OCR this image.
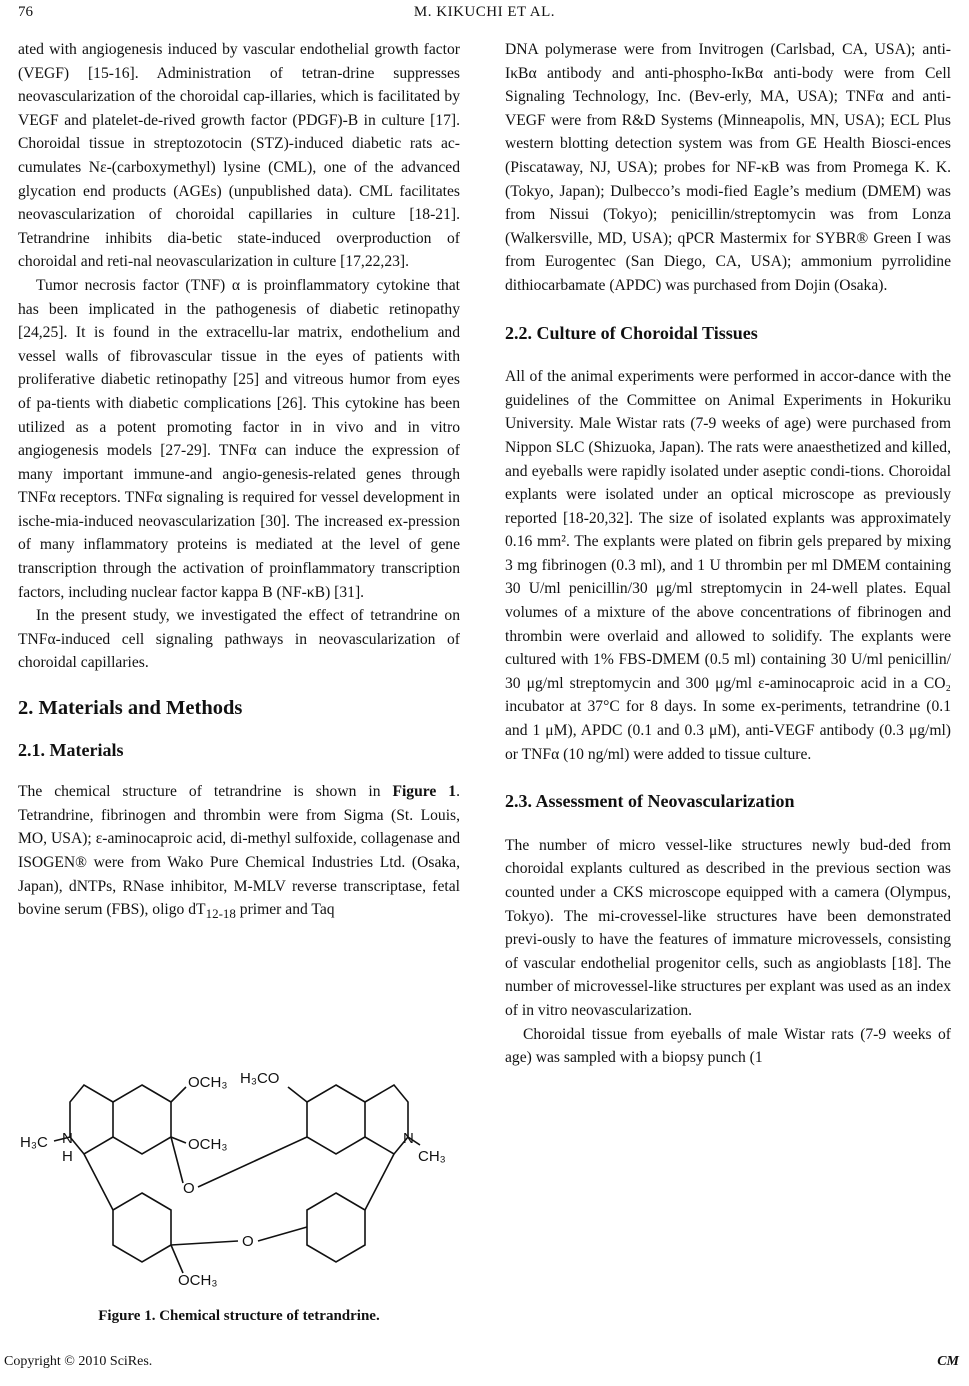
76	M. KIKUCHI ET AL.

ated with angiogenesis induced by vascular endothelial growth factor (VEGF) [15-16]. Administration of tetran-drine suppresses neovascularization of the choroidal cap-illaries, which is facilitated by VEGF and platelet-de-rived growth factor (PDGF)-B in culture [17]. Choroidal tissue in streptozotocin (STZ)-induced diabetic rats ac-cumulates Nε-(carboxymethyl) lysine (CML), one of the advanced glycation end products (AGEs) (unpublished data). CML facilitates neovascularization of choroidal capillaries in culture [18-21]. Tetrandrine inhibits dia-betic state-induced overproduction of choroidal and reti-nal neovascularization in culture [17,22,23].

Tumor necrosis factor (TNF) α is proinflammatory cytokine that has been implicated in the pathogenesis of diabetic retinopathy [24,25]. It is found in the extracellu-lar matrix, endothelium and vessel walls of fibrovascular tissue in the eyes of patients with proliferative diabetic retinopathy [25] and vitreous humor from eyes of pa-tients with diabetic complications [26]. This cytokine has been utilized as a potent promoting factor in in vivo and in vitro angiogenesis models [27-29]. TNFα can induce the expression of many important immune-and angio-genesis-related genes through TNFα receptors. TNFα signaling is required for vessel development in ische-mia-induced neovascularization [30]. The increased ex-pression of many inflammatory proteins is mediated at the level of gene transcription through the activation of proinflammatory transcription factors, including nuclear factor kappa B (NF-κB) [31].

In the present study, we investigated the effect of tetrandrine on TNFα-induced cell signaling pathways in neovascularization of choroidal capillaries.

2. Materials and Methods
2.1. Materials

The chemical structure of tetrandrine is shown in Figure 1. Tetrandrine, fibrinogen and thrombin were from Sigma (St. Louis, MO, USA); ε-aminocaproic acid, di-methyl sulfoxide, collagenase and ISOGEN® were from Wako Pure Chemical Industries Ltd. (Osaka, Japan), dNTPs, RNase inhibitor, M-MLV reverse transcriptase, fetal bovine serum (FBS), oligo $dT_{12-18}$ primer and Taq

OCH₃ H₃CO
OCH₃
H₃C N
H
N
CH₃
O
O
OCH₃
Figure 1. Chemical structure of tetrandrine.

DNA polymerase were from Invitrogen (Carlsbad, CA, USA); anti-IκBα antibody and anti-phospho-IκBα anti-body were from Cell Signaling Technology, Inc. (Bev-erly, MA, USA); TNFα and anti-VEGF were from R&D Systems (Minneapolis, MN, USA); ECL Plus western blotting detection system was from GE Health Biosci-ences (Piscataway, NJ, USA); probes for NF-κB was from Promega K. K. (Tokyo, Japan); Dulbecco’s modi-fied Eagle’s medium (DMEM) was from Nissui (Tokyo); penicillin/streptomycin was from Lonza (Walkersville, MD, USA); qPCR Mastermix for SYBR® Green I was from Eurogentec (San Diego, CA, USA); ammonium pyrrolidine dithiocarbamate (APDC) was purchased from Dojin (Osaka).

2.2. Culture of Choroidal Tissues

All of the animal experiments were performed in accor-dance with the guidelines of the Committee on Animal Experiments in Hokuriku University. Male Wistar rats (7-9 weeks of age) were purchased from Nippon SLC (Shizuoka, Japan). The rats were anaesthetized and killed, and eyeballs were rapidly isolated under aseptic condi-tions. Choroidal explants were isolated under an optical microscope as previously reported [18-20,32]. The size of isolated explants was approximately 0.16 mm². The explants were plated on fibrin gels prepared by mixing 3 mg fibrinogen (0.3 ml), and 1 U thrombin per ml DMEM containing 30 U/ml penicillin/30 μg/ml streptomycin in 24-well plates. Equal volumes of a mixture of the above concentrations of fibrinogen and thrombin were overlaid and allowed to solidify. The explants were cultured with 1% FBS-DMEM (0.5 ml) containing 30 U/ml penicillin/ 30 μg/ml streptomycin and 300 μg/ml ε-aminocaproic acid in a CO₂ incubator at 37°C for 8 days. In some ex-periments, tetrandrine (0.1 and 1 μM), APDC (0.1 and 0.3 μM), anti-VEGF antibody (0.3 μg/ml) or TNFα (10 ng/ml) were added to tissue culture.

2.3. Assessment of Neovascularization

The number of micro vessel-like structures newly bud-ded from choroidal explants cultured as described in the previous section was counted under a CKS microscope equipped with a camera (Olympus, Tokyo). The mi-crovessel-like structures have been demonstrated previ-ously to have the features of immature microvessels, consisting of vascular endothelial progenitor cells, such as angioblasts [18]. The number of microvessel-like structures per explant was used as an index of in vitro neovascularization.

Choroidal tissue from eyeballs of male Wistar rats (7-9 weeks of age) was sampled with a biopsy punch (1

Copyright © 2010 SciRes.	CM
